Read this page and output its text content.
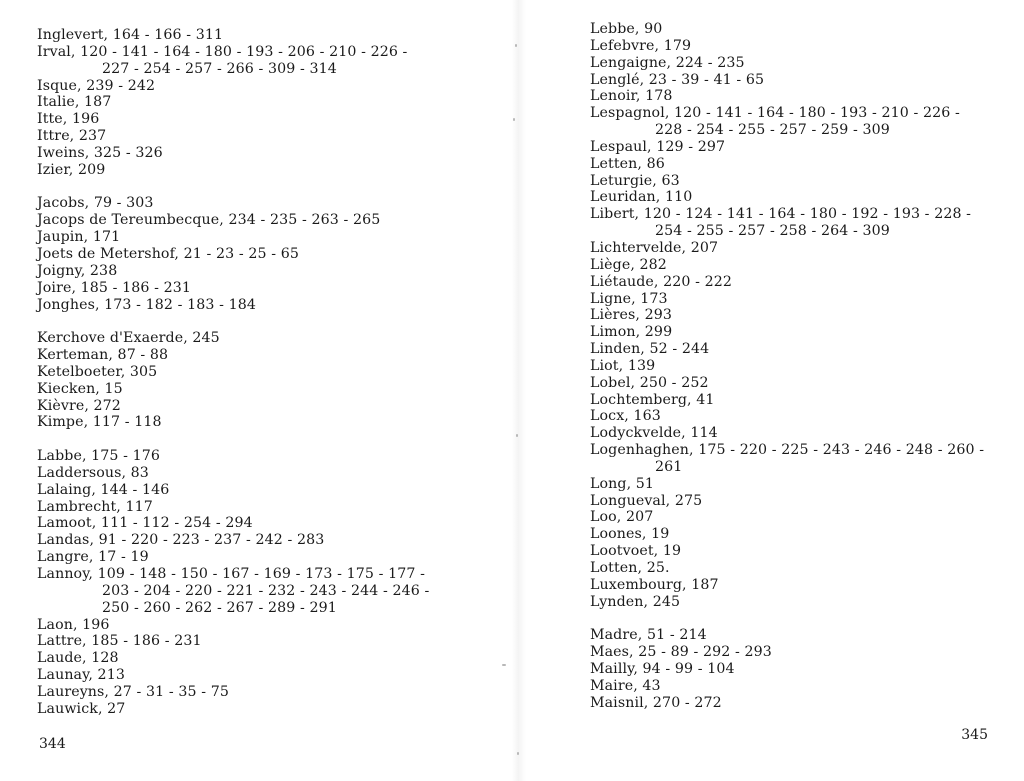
Inglevert, 164 - 166 - 311
Irval, 120 - 141 - 164 - 180 - 193 - 206 - 210 - 226 -
227 - 254 - 257 - 266 - 309 - 314
Isque, 239 - 242
Italie, 187
Itte, 196
Ittre, 237
Iweins, 325 - 326
Izier, 209
Jacobs, 79 - 303
Jacops de Tereumbecque, 234 - 235 - 263 - 265
Jaupin, 171
Joets de Metershof, 21 - 23 - 25 - 65
Joigny, 238
Joire, 185 - 186 - 231
Jonghes, 173 - 182 - 183 - 184
Kerchove d'Exaerde, 245
Kerteman, 87 - 88
Ketelboeter, 305
Kiecken, 15
Kièvre, 272
Kimpe, 117 - 118
Labbe, 175 - 176
Laddersous, 83
Lalaing, 144 - 146
Lambrecht, 117
Lamoot, 111 - 112 - 254 - 294
Landas, 91 - 220 - 223 - 237 - 242 - 283
Langre, 17 - 19
Lannoy, 109 - 148 - 150 - 167 - 169 - 173 - 175 - 177 -
203 - 204 - 220 - 221 - 232 - 243 - 244 - 246 -
250 - 260 - 262 - 267 - 289 - 291
Laon, 196
Lattre, 185 - 186 - 231
Laude, 128
Launay, 213
Laureyns, 27 - 31 - 35 - 75
Lauwick, 27
344
Lebbe, 90
Lefebvre, 179
Lengaigne, 224 - 235
Lenglé, 23 - 39 - 41 - 65
Lenoir, 178
Lespagnol, 120 - 141 - 164 - 180 - 193 - 210 - 226 -
228 - 254 - 255 - 257 - 259 - 309
Lespaul, 129 - 297
Letten, 86
Leturgie, 63
Leuridan, 110
Libert, 120 - 124 - 141 - 164 - 180 - 192 - 193 - 228 -
254 - 255 - 257 - 258 - 264 - 309
Lichtervelde, 207
Liège, 282
Liétaude, 220 - 222
Ligne, 173
Lières, 293
Limon, 299
Linden, 52 - 244
Liot, 139
Lobel, 250 - 252
Lochtemberg, 41
Locx, 163
Lodyckvelde, 114
Logenhaghen, 175 - 220 - 225 - 243 - 246 - 248 - 260 -
261
Long, 51
Longueval, 275
Loo, 207
Loones, 19
Lootvoet, 19
Lotten, 25.
Luxembourg, 187
Lynden, 245
Madre, 51 - 214
Maes, 25 - 89 - 292 - 293
Mailly, 94 - 99 - 104
Maire, 43
Maisnil, 270 - 272
345
